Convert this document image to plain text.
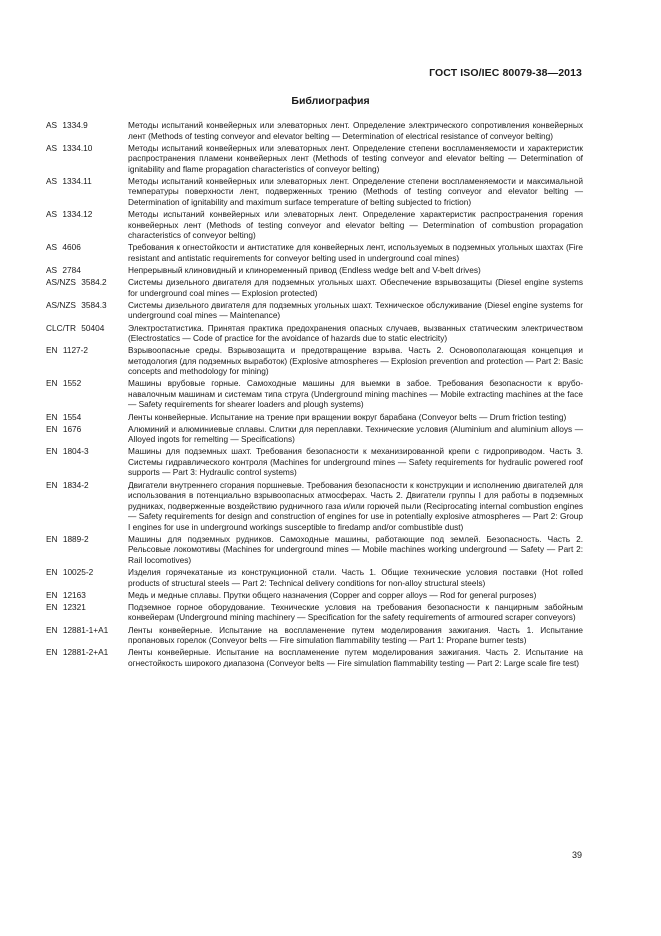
ГОСТ ISO/IEC 80079-38—2013
Библиография
AS 1334.9	Методы испытаний конвейерных или элеваторных лент. Определение электрического сопротивления конвейерных лент (Methods of testing conveyor and elevator belting — Determination of electrical resistance of conveyor belting)
AS 1334.10	Методы испытаний конвейерных или элеваторных лент. Определение степени воспламеняемости и характеристик распространения пламени конвейерных лент (Methods of testing conveyor and elevator belting — Determination of ignitability and flame propagation characteristics of conveyor belting)
AS 1334.11	Методы испытаний конвейерных или элеваторных лент. Определение степени воспламеняемости и максимальной температуры поверхности лент, подверженных трению (Methods of testing conveyor and elevator belting — Determination of ignitability and maximum surface temperature of belting subjected to friction)
AS 1334.12	Методы испытаний конвейерных или элеваторных лент. Определение характеристик распространения горения конвейерных лент (Methods of testing conveyor and elevator belting — Determination of combustion propagation characteristics of conveyor belting)
AS 4606	Требования к огнестойкости и антистатике для конвейерных лент, используемых в подземных угольных шахтах (Fire resistant and antistatic requirements for conveyor belting used in underground coal mines)
AS 2784	Непрерывный клиновидный и клиноременный привод (Endless wedge belt and V-belt drives)
AS/NZS 3584.2	Системы дизельного двигателя для подземных угольных шахт. Обеспечение взрывозащиты (Diesel engine systems for underground coal mines — Explosion protected)
AS/NZS 3584.3	Системы дизельного двигателя для подземных угольных шахт. Техническое обслуживание (Diesel engine systems for underground coal mines — Maintenance)
CLC/TR 50404	Электростатистика. Принятая практика предохранения опасных случаев, вызванных статическим электричеством (Electrostatics — Code of practice for the avoidance of hazards due to static electricity)
EN 1127-2	Взрывоопасные среды. Взрывозащита и предотвращение взрыва. Часть 2. Основополагающая концепция и методология (для подземных выработок) (Explosive atmospheres — Explosion prevention and protection — Part 2: Basic concepts and methodology for mining)
EN 1552	Машины врубовые горные. Самоходные машины для выемки в забое. Требования безопасности к врубо-навалочным машинам и системам типа струга (Underground mining machines — Mobile extracting machines at the face — Safety requirements for shearer loaders and plough systems)
EN 1554	Ленты конвейерные. Испытание на трение при вращении вокруг барабана (Conveyor belts — Drum friction testing)
EN 1676	Алюминий и алюминиевые сплавы. Слитки для переплавки. Технические условия (Aluminium and aluminium alloys — Alloyed ingots for remelting — Specifications)
EN 1804-3	Машины для подземных шахт. Требования безопасности к механизированной крепи с гидроприводом. Часть 3. Системы гидравлического контроля (Machines for underground mines — Safety requirements for hydraulic powered roof supports — Part 3: Hydraulic control systems)
EN 1834-2	Двигатели внутреннего сгорания поршневые. Требования безопасности к конструкции и исполнению двигателей для использования в потенциально взрывоопасных атмосферах. Часть 2. Двигатели группы I для работы в подземных рудниках, подверженные воздействию рудничного газа и/или горючей пыли (Reciprocating internal combustion engines — Safety requirements for design and construction of engines for use in potentially explosive atmospheres — Part 2: Group I engines for use in underground workings susceptible to firedamp and/or combustible dust)
EN 1889-2	Машины для подземных рудников. Самоходные машины, работающие под землей. Безопасность. Часть 2. Рельсовые локомотивы (Machines for underground mines — Mobile machines working underground — Safety — Part 2: Rail locomotives)
EN 10025-2	Изделия горячекатаные из конструкционной стали. Часть 1. Общие технические условия поставки (Hot rolled products of structural steels — Part 2: Technical delivery conditions for non-alloy structural steels)
EN 12163	Медь и медные сплавы. Прутки общего назначения (Copper and copper alloys — Rod for general purposes)
EN 12321	Подземное горное оборудование. Технические условия на требования безопасности к панцирным забойным конвейерам (Underground mining machinery — Specification for the safety requirements of armoured scraper conveyors)
EN 12881-1+A1	Ленты конвейерные. Испытание на воспламенение путем моделирования зажигания. Часть 1. Испытание пропановых горелок (Conveyor belts — Fire simulation flammability testing — Part 1: Propane burner tests)
EN 12881-2+A1	Ленты конвейерные. Испытание на воспламенение путем моделирования зажигания. Часть 2. Испытание на огнестойкость широкого диапазона (Conveyor belts — Fire simulation flammability testing — Part 2: Large scale fire test)
39
